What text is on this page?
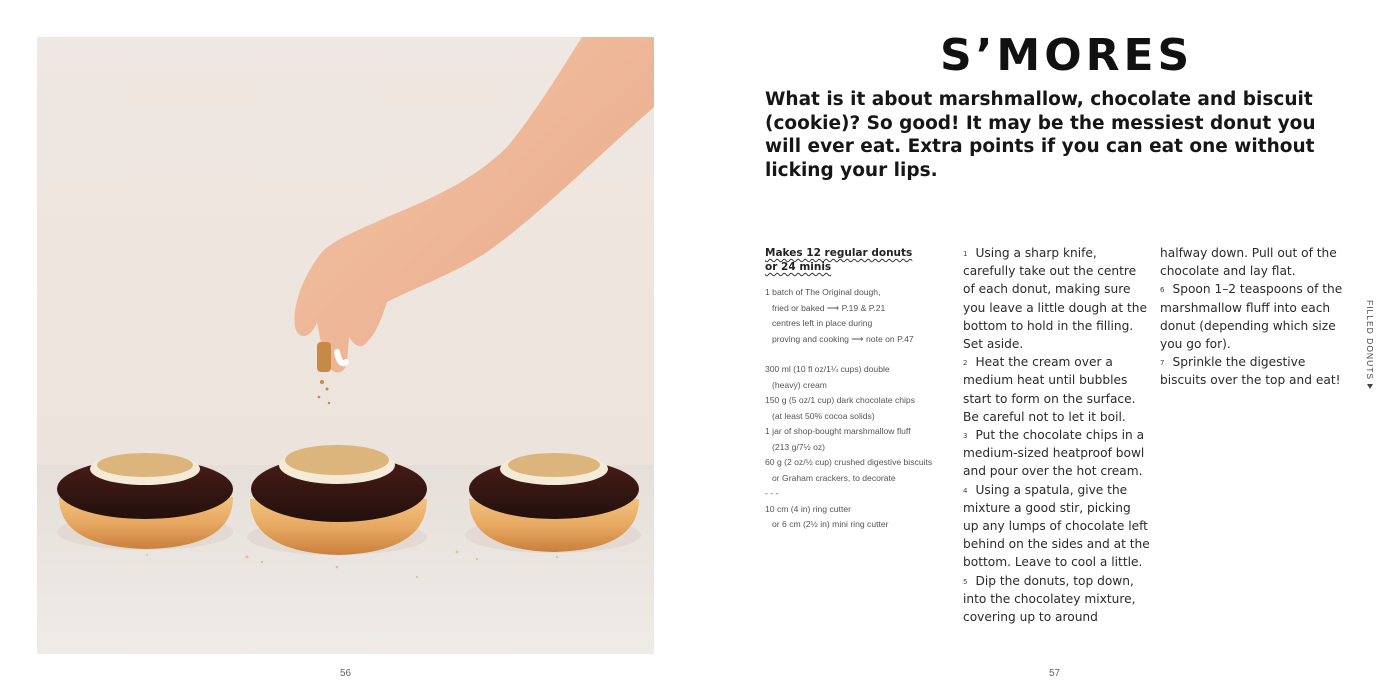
56	57
S’MORES

What is it about marshmallow, chocolate and biscuit (cookie)? So good! It may be the messiest donut you will ever eat. Extra points if you can eat one without licking your lips.

Makes 12 regular donuts
or 24 minis
1 batch of The Original dough,
fried or baked ⟶ P.19 & P.21
centres left in place during
proving and cooking ⟶ note on P.47
300 ml (10 fl oz/1¼ cups) double
(heavy) cream
150 g (5 oz/1 cup) dark chocolate chips
(at least 50% cocoa solids)
1 jar of shop-bought marshmallow fluff
(213 g/7½ oz)
60 g (2 oz/½ cup) crushed digestive biscuits
or Graham crackers, to decorate
- - -
10 cm (4 in) ring cutter
or 6 cm (2½ in) mini ring cutter
$^1$ Using a sharp knife,
carefully take out the centre
of each donut, making sure
you leave a little dough at the
bottom to hold in the filling.
Set aside.
$^2$ Heat the cream over a
medium heat until bubbles
start to form on the surface.
Be careful not to let it boil.
$^3$ Put the chocolate chips in a
medium-sized heatproof bowl
and pour over the hot cream.
$^4$ Using a spatula, give the
mixture a good stir, picking
up any lumps of chocolate left
behind on the sides and at the
bottom. Leave to cool a little.
$^5$ Dip the donuts, top down,
into the chocolatey mixture,
covering up to around
halfway down. Pull out of the
chocolate and lay flat.
$^6$ Spoon 1–2 teaspoons of the
marshmallow fluff into each
donut (depending which size
you go for).
$^7$ Sprinkle the digestive
biscuits over the top and eat!
FILLED DONUTS
